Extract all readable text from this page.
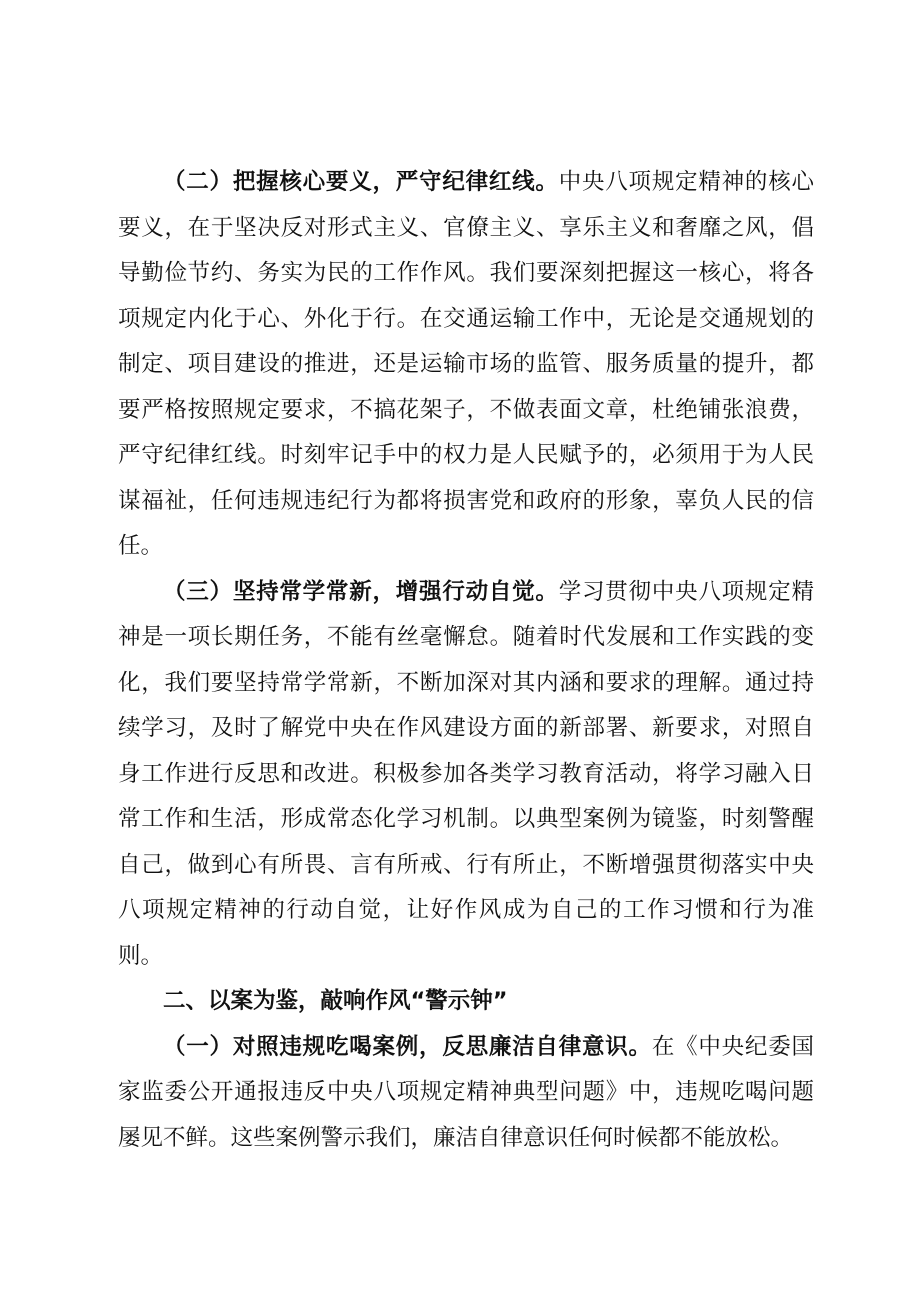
（二）把握核心要义，严守纪律红线。中央八项规定精神的核心要义，在于坚决反对形式主义、官僚主义、享乐主义和奢靡之风，倡导勤俭节约、务实为民的工作作风。我们要深刻把握这一核心，将各项规定内化于心、外化于行。在交通运输工作中，无论是交通规划的制定、项目建设的推进，还是运输市场的监管、服务质量的提升，都要严格按照规定要求，不搞花架子，不做表面文章，杜绝铺张浪费，严守纪律红线。时刻牢记手中的权力是人民赋予的，必须用于为人民谋福祉，任何违规违纪行为都将损害党和政府的形象，辜负人民的信任。

（三）坚持常学常新，增强行动自觉。学习贯彻中央八项规定精神是一项长期任务，不能有丝毫懈怠。随着时代发展和工作实践的变化，我们要坚持常学常新，不断加深对其内涵和要求的理解。通过持续学习，及时了解党中央在作风建设方面的新部署、新要求，对照自身工作进行反思和改进。积极参加各类学习教育活动，将学习融入日常工作和生活，形成常态化学习机制。以典型案例为镜鉴，时刻警醒自己，做到心有所畏、言有所戒、行有所止，不断增强贯彻落实中央八项规定精神的行动自觉，让好作风成为自己的工作习惯和行为准则。

二、以案为鉴，敲响作风“警示钟”

（一）对照违规吃喝案例，反思廉洁自律意识。在《中央纪委国家监委公开通报违反中央八项规定精神典型问题》中，违规吃喝问题屡见不鲜。这些案例警示我们，廉洁自律意识任何时候都不能放松。
